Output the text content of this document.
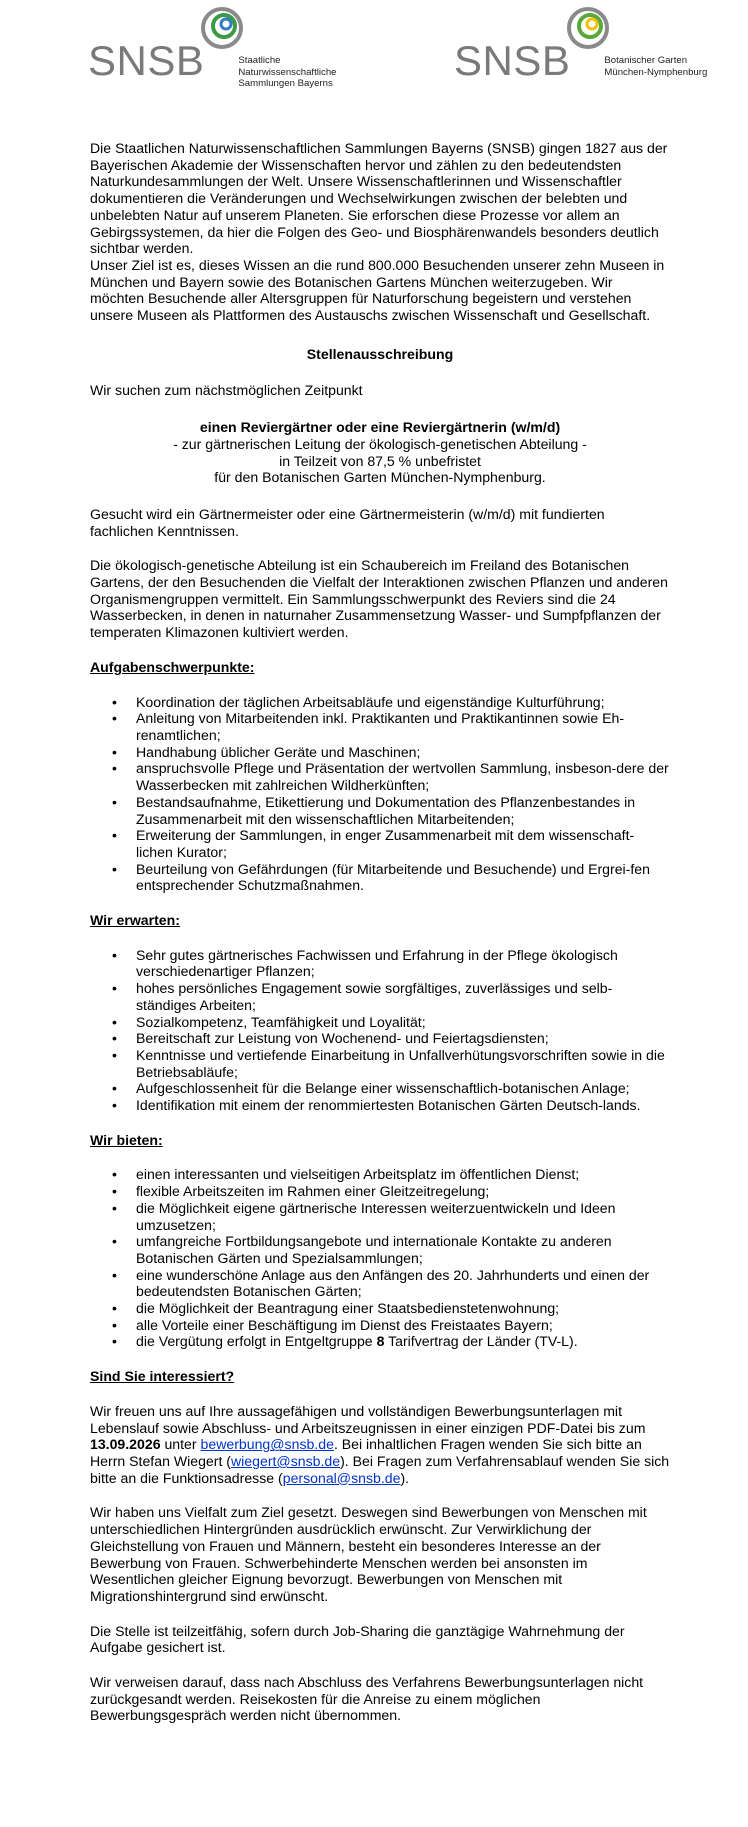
SNSB	Staatliche
Naturwissenschaftliche
Sammlungen Bayerns	SNSB	Botanischer Garten
München-Nymphenburg

Die Staatlichen Naturwissenschaftlichen Sammlungen Bayerns (SNSB) gingen 1827 aus der Bayerischen Akademie der Wissenschaften hervor und zählen zu den bedeutendsten Naturkundesammlungen der Welt. Unsere Wissenschaftlerinnen und Wissenschaftler dokumentieren die Veränderungen und Wechselwirkungen zwischen der belebten und unbelebten Natur auf unserem Planeten. Sie erforschen diese Prozesse vor allem an Gebirgssystemen, da hier die Folgen des Geo- und Biosphärenwandels besonders deutlich sichtbar werden.

Unser Ziel ist es, dieses Wissen an die rund 800.000 Besuchenden unserer zehn Museen in München und Bayern sowie des Botanischen Gartens München weiterzugeben. Wir möchten Besuchende aller Altersgruppen für Naturforschung begeistern und verstehen unsere Museen als Plattformen des Austauschs zwischen Wissenschaft und Gesellschaft.

Stellenausschreibung

Wir suchen zum nächstmöglichen Zeitpunkt

einen Reviergärtner oder eine Reviergärtnerin (w/m/d)

- zur gärtnerischen Leitung der ökologisch-genetischen Abteilung -

in Teilzeit von 87,5 % unbefristet

für den Botanischen Garten München-Nymphenburg.

Gesucht wird ein Gärtnermeister oder eine Gärtnermeisterin (w/m/d) mit fundierten fachlichen Kenntnissen.

Die ökologisch-genetische Abteilung ist ein Schaubereich im Freiland des Botanischen Gartens, der den Besuchenden die Vielfalt der Interaktionen zwischen Pflanzen und anderen Organismengruppen vermittelt. Ein Sammlungsschwerpunkt des Reviers sind die 24 Wasserbecken, in denen in naturnaher Zusammensetzung Wasser- und Sumpfpflanzen der temperaten Klimazonen kultiviert werden.

Aufgabenschwerpunkte:

• Koordination der täglichen Arbeitsabläufe und eigenständige Kulturführung;
• Anleitung von Mitarbeitenden inkl. Praktikanten und Praktikantinnen sowie Eh-renamtlichen;
• Handhabung üblicher Geräte und Maschinen;
• anspruchsvolle Pflege und Präsentation der wertvollen Sammlung, insbeson-dere der Wasserbecken mit zahlreichen Wildherkünften;
• Bestandsaufnahme, Etikettierung und Dokumentation des Pflanzenbestandes in Zusammenarbeit mit den wissenschaftlichen Mitarbeitenden;
• Erweiterung der Sammlungen, in enger Zusammenarbeit mit dem wissenschaft-lichen Kurator;
• Beurteilung von Gefährdungen (für Mitarbeitende und Besuchende) und Ergrei-fen entsprechender Schutzmaßnahmen.

Wir erwarten:

• Sehr gutes gärtnerisches Fachwissen und Erfahrung in der Pflege ökologisch verschiedenartiger Pflanzen;
• hohes persönliches Engagement sowie sorgfältiges, zuverlässiges und selb-ständiges Arbeiten;
• Sozialkompetenz, Teamfähigkeit und Loyalität;
• Bereitschaft zur Leistung von Wochenend- und Feiertagsdiensten;
• Kenntnisse und vertiefende Einarbeitung in Unfallverhütungsvorschriften sowie in die Betriebsabläufe;
• Aufgeschlossenheit für die Belange einer wissenschaftlich-botanischen Anlage;
• Identifikation mit einem der renommiertesten Botanischen Gärten Deutsch-lands.

Wir bieten:

• einen interessanten und vielseitigen Arbeitsplatz im öffentlichen Dienst;
• flexible Arbeitszeiten im Rahmen einer Gleitzeitregelung;
• die Möglichkeit eigene gärtnerische Interessen weiterzuentwickeln und Ideen umzusetzen;
• umfangreiche Fortbildungsangebote und internationale Kontakte zu anderen Botanischen Gärten und Spezialsammlungen;
• eine wunderschöne Anlage aus den Anfängen des 20. Jahrhunderts und einen der bedeutendsten Botanischen Gärten;
• die Möglichkeit der Beantragung einer Staatsbedienstetenwohnung;
• alle Vorteile einer Beschäftigung im Dienst des Freistaates Bayern;
• die Vergütung erfolgt in Entgeltgruppe 8 Tarifvertrag der Länder (TV-L).

Sind Sie interessiert?

Wir freuen uns auf Ihre aussagefähigen und vollständigen Bewerbungsunterlagen mit Lebenslauf sowie Abschluss- und Arbeitszeugnissen in einer einzigen PDF-Datei bis zum 13.09.2026 unter bewerbung@snsb.de. Bei inhaltlichen Fragen wenden Sie sich bitte an Herrn Stefan Wiegert (wiegert@snsb.de). Bei Fragen zum Verfahrensablauf wenden Sie sich bitte an die Funktionsadresse (personal@snsb.de).

Wir haben uns Vielfalt zum Ziel gesetzt. Deswegen sind Bewerbungen von Menschen mit unterschiedlichen Hintergründen ausdrücklich erwünscht. Zur Verwirklichung der Gleichstellung von Frauen und Männern, besteht ein besonderes Interesse an der Bewerbung von Frauen. Schwerbehinderte Menschen werden bei ansonsten im Wesentlichen gleicher Eignung bevorzugt. Bewerbungen von Menschen mit Migrationshintergrund sind erwünscht.

Die Stelle ist teilzeitfähig, sofern durch Job-Sharing die ganztägige Wahrnehmung der Aufgabe gesichert ist.

Wir verweisen darauf, dass nach Abschluss des Verfahrens Bewerbungsunterlagen nicht zurückgesandt werden. Reisekosten für die Anreise zu einem möglichen Bewerbungsgespräch werden nicht übernommen.
